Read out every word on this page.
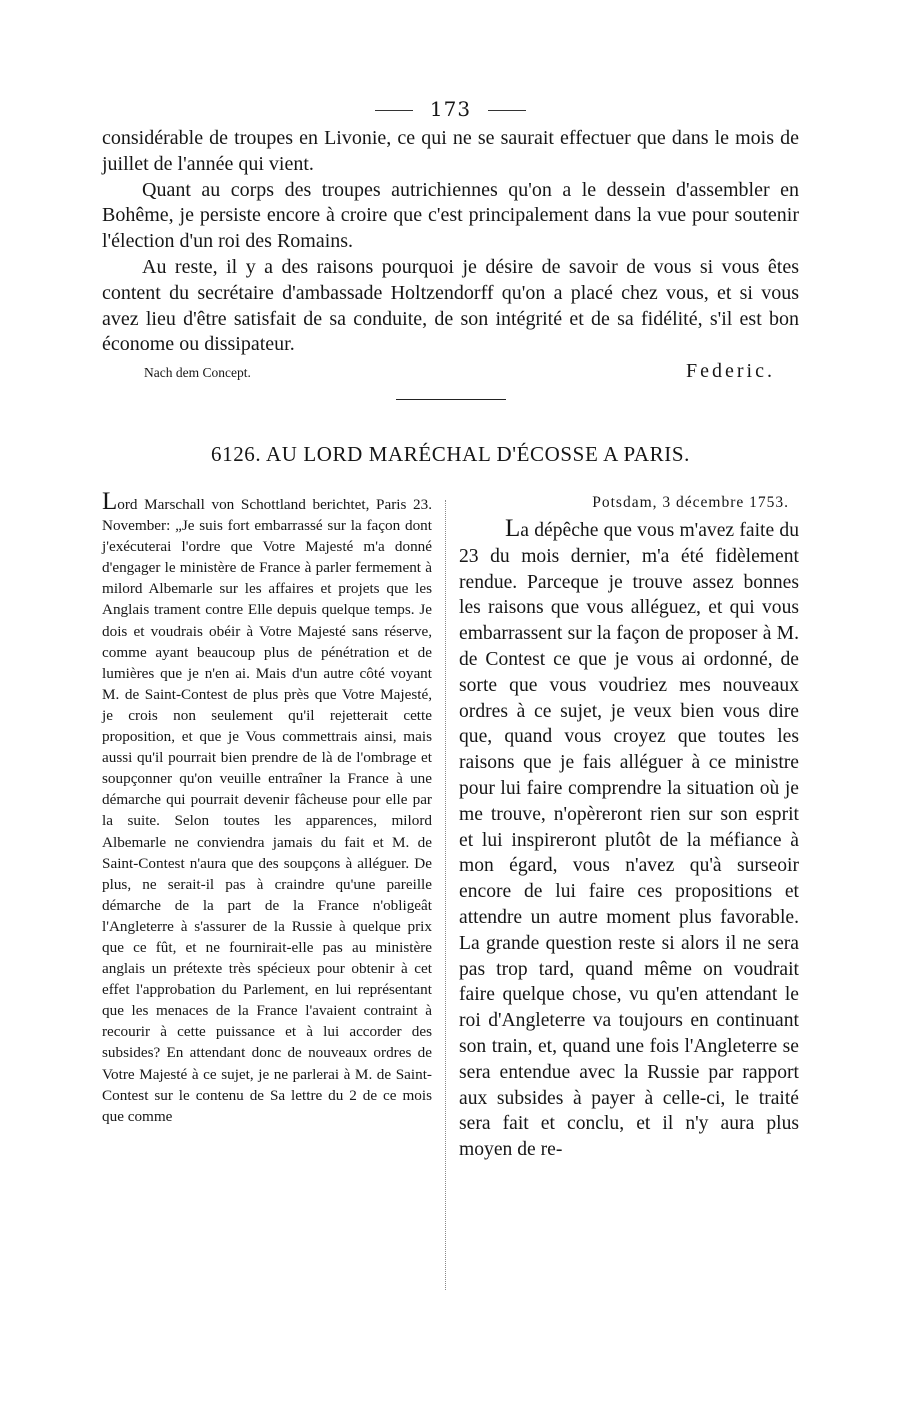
173

considérable de troupes en Livonie, ce qui ne se saurait effectuer que dans le mois de juillet de l'année qui vient.

Quant au corps des troupes autrichiennes qu'on a le dessein d'assembler en Bohême, je persiste encore à croire que c'est principalement dans la vue pour soutenir l'élection d'un roi des Romains.

Au reste, il y a des raisons pourquoi je désire de savoir de vous si vous êtes content du secrétaire d'ambassade Holtzendorff qu'on a placé chez vous, et si vous avez lieu d'être satisfait de sa conduite, de son intégrité et de sa fidélité, s'il est bon économe ou dissipateur.

Nach dem Concept.	Federic.
6126. AU LORD MARÉCHAL D'ÉCOSSE A PARIS.
Lord Marschall von Schottland berichtet, Paris 23. November: „Je suis fort embarrassé sur la façon dont j'exécuterai l'ordre que Votre Majesté m'a donné d'engager le ministère de France à parler fermement à milord Albemarle sur les affaires et projets que les Anglais trament contre Elle depuis quelque temps. Je dois et voudrais obéir à Votre Majesté sans réserve, comme ayant beaucoup plus de pénétration et de lumières que je n'en ai. Mais d'un autre côté voyant M. de Saint-Contest de plus près que Votre Majesté, je crois non seulement qu'il rejetterait cette proposition, et que je Vous commettrais ainsi, mais aussi qu'il pourrait bien prendre de là de l'ombrage et soupçonner qu'on veuille entraîner la France à une démarche qui pourrait devenir fâcheuse pour elle par la suite. Selon toutes les apparences, milord Albemarle ne conviendra jamais du fait et M. de Saint-Contest n'aura que des soupçons à alléguer. De plus, ne serait-il pas à craindre qu'une pareille démarche de la part de la France n'obligeât l'Angleterre à s'assurer de la Russie à quelque prix que ce fût, et ne fournirait-elle pas au ministère anglais un prétexte très spécieux pour obtenir à cet effet l'approbation du Parlement, en lui représentant que les menaces de la France l'avaient contraint à recourir à cette puissance et à lui accorder des subsides? En attendant donc de nouveaux ordres de Votre Majesté à ce sujet, je ne parlerai à M. de Saint-Contest sur le contenu de Sa lettre du 2 de ce mois que comme
Potsdam, 3 décembre 1753.

La dépêche que vous m'avez faite du 23 du mois dernier, m'a été fidèlement rendue. Parceque je trouve assez bonnes les raisons que vous alléguez, et qui vous embarrassent sur la façon de proposer à M. de Contest ce que je vous ai ordonné, de sorte que vous voudriez mes nouveaux ordres à ce sujet, je veux bien vous dire que, quand vous croyez que toutes les raisons que je fais alléguer à ce ministre pour lui faire comprendre la situation où je me trouve, n'opèreront rien sur son esprit et lui inspireront plutôt de la méfiance à mon égard, vous n'avez qu'à surseoir encore de lui faire ces propositions et attendre un autre moment plus favorable. La grande question reste si alors il ne sera pas trop tard, quand même on voudrait faire quelque chose, vu qu'en attendant le roi d'Angleterre va toujours en continuant son train, et, quand une fois l'Angleterre se sera entendue avec la Russie par rapport aux subsides à payer à celle-ci, le traité sera fait et conclu, et il n'y aura plus moyen de re-
